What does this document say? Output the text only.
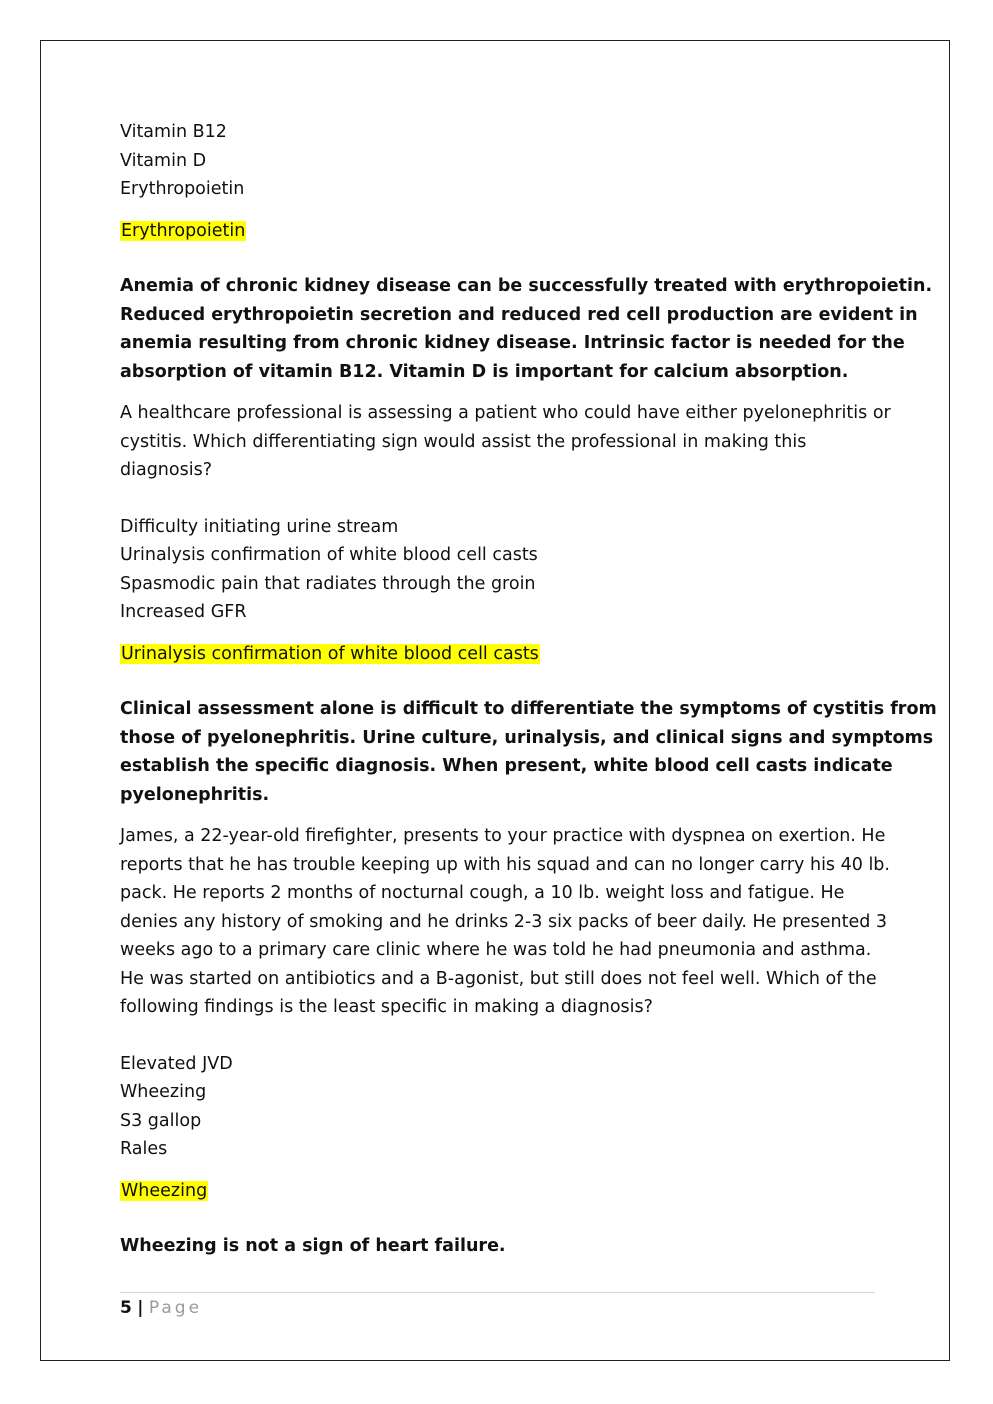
Vitamin B12
Vitamin D
Erythropoietin
Erythropoietin
Anemia of chronic kidney disease can be successfully treated with erythropoietin.
Reduced erythropoietin secretion and reduced red cell production are evident in
anemia resulting from chronic kidney disease. Intrinsic factor is needed for the
absorption of vitamin B12. Vitamin D is important for calcium absorption.
A healthcare professional is assessing a patient who could have either pyelonephritis or
cystitis. Which differentiating sign would assist the professional in making this
diagnosis?
Difficulty initiating urine stream
Urinalysis confirmation of white blood cell casts
Spasmodic pain that radiates through the groin
Increased GFR
Urinalysis confirmation of white blood cell casts
Clinical assessment alone is difficult to differentiate the symptoms of cystitis from
those of pyelonephritis. Urine culture, urinalysis, and clinical signs and symptoms
establish the specific diagnosis. When present, white blood cell casts indicate
pyelonephritis.
James, a 22-year-old firefighter, presents to your practice with dyspnea on exertion. He
reports that he has trouble keeping up with his squad and can no longer carry his 40 lb.
pack. He reports 2 months of nocturnal cough, a 10 lb. weight loss and fatigue. He
denies any history of smoking and he drinks 2-3 six packs of beer daily. He presented 3
weeks ago to a primary care clinic where he was told he had pneumonia and asthma.
He was started on antibiotics and a B-agonist, but still does not feel well. Which of the
following findings is the least specific in making a diagnosis?
Elevated JVD
Wheezing
S3 gallop
Rales
Wheezing
Wheezing is not a sign of heart failure.
5 | Page
